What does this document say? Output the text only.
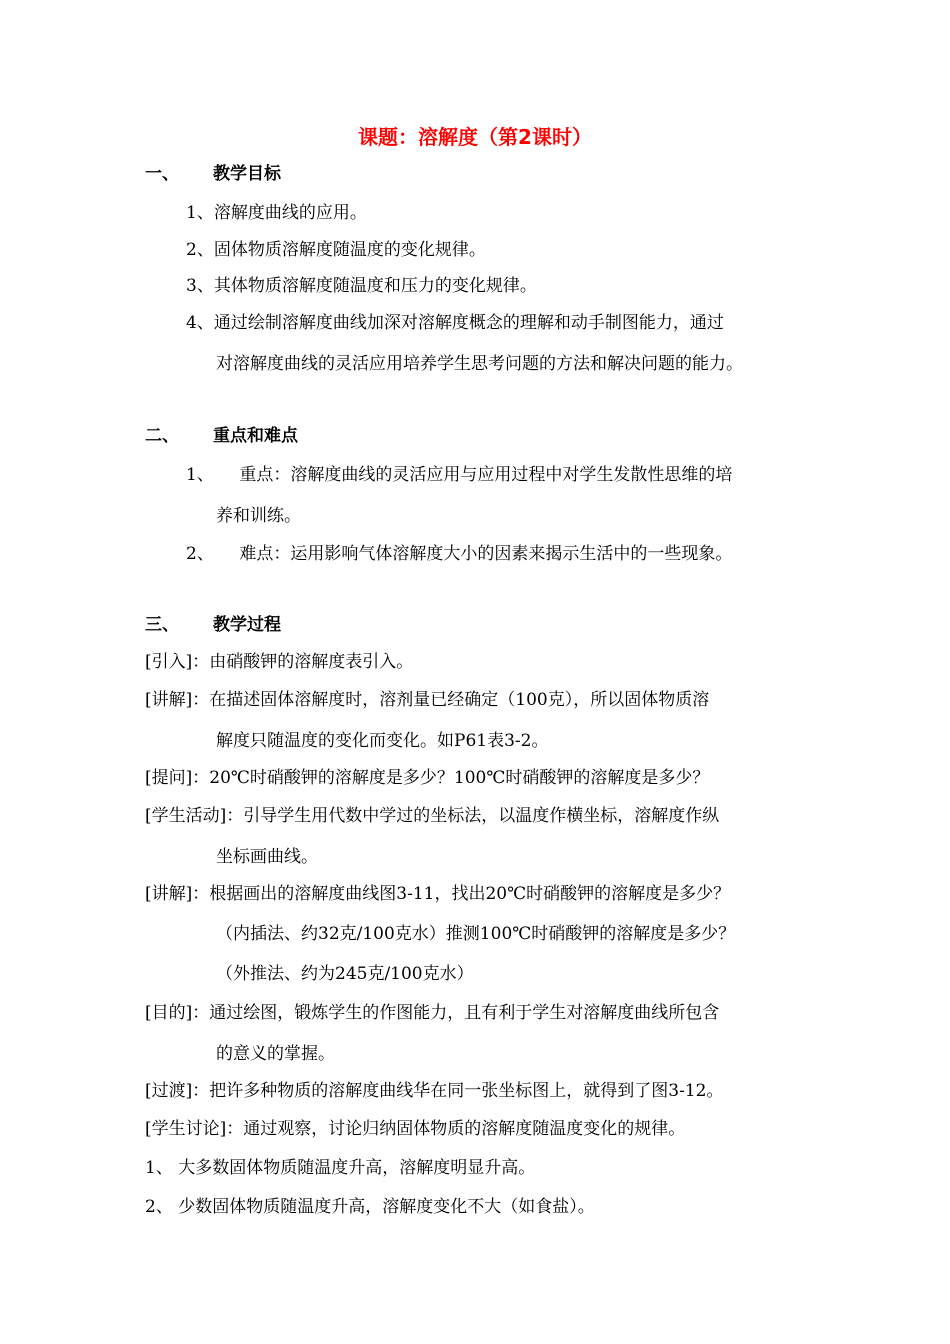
课题：溶解度（第2课时）
一、 教学目标
1、溶解度曲线的应用。
2、固体物质溶解度随温度的变化规律。
3、其体物质溶解度随温度和压力的变化规律。
4、通过绘制溶解度曲线加深对溶解度概念的理解和动手制图能力，通过
对溶解度曲线的灵活应用培养学生思考问题的方法和解决问题的能力。
二、 重点和难点
1、　　重点：溶解度曲线的灵活应用与应用过程中对学生发散性思维的培
养和训练。
2、　　难点：运用影响气体溶解度大小的因素来揭示生活中的一些现象。
三、 教学过程
[引入]：由硝酸钾的溶解度表引入。
[讲解]：在描述固体溶解度时，溶剂量已经确定（100克），所以固体物质溶
解度只随温度的变化而变化。如P61表3-2。
[提问]：20℃时硝酸钾的溶解度是多少？100℃时硝酸钾的溶解度是多少？
[学生活动]：引导学生用代数中学过的坐标法，以温度作横坐标，溶解度作纵
坐标画曲线。
[讲解]：根据画出的溶解度曲线图3-11，找出20℃时硝酸钾的溶解度是多少？
（内插法、约32克/100克水）推测100℃时硝酸钾的溶解度是多少？
（外推法、约为245克/100克水）
[目的]：通过绘图，锻炼学生的作图能力，且有利于学生对溶解度曲线所包含
的意义的掌握。
[过渡]：把许多种物质的溶解度曲线华在同一张坐标图上，就得到了图3-12。
[学生讨论]：通过观察，讨论归纳固体物质的溶解度随温度变化的规律。
1、 大多数固体物质随温度升高，溶解度明显升高。
2、 少数固体物质随温度升高，溶解度变化不大（如食盐）。
